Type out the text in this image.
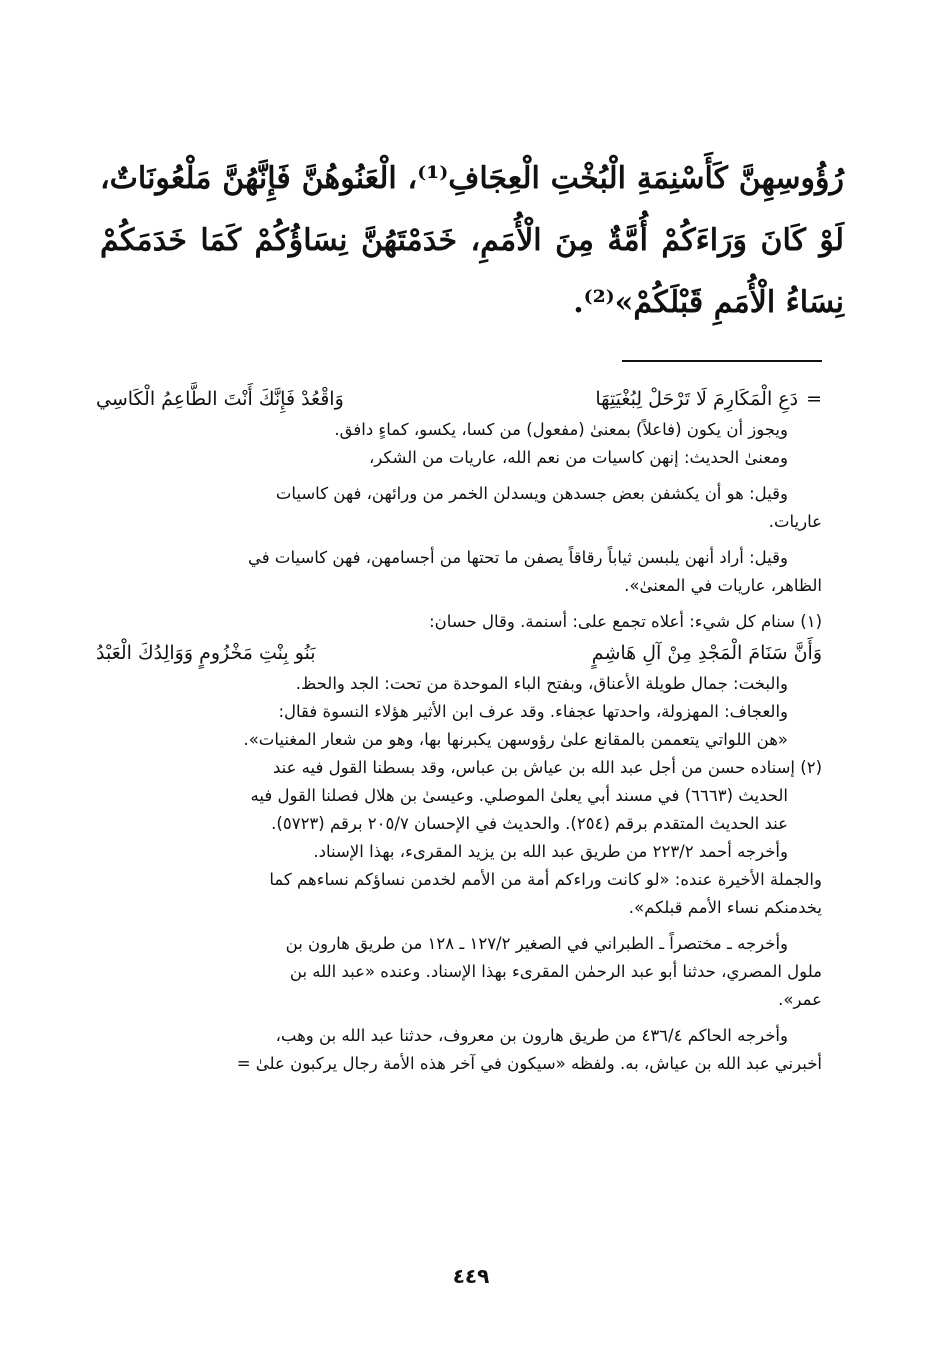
رُؤُوسِهِنَّ كَأَسْنِمَةِ الْبُخْتِ الْعِجَافِ⁽¹⁾، الْعَنُوهُنَّ فَإِنَّهُنَّ مَلْعُونَاتٌ، لَوْ كَانَ وَرَاءَكُمْ أُمَّةٌ مِنَ الْأُمَمِ، خَدَمْتَهُنَّ نِسَاؤُكُمْ كَمَا خَدَمَكُمْ نِسَاءُ الْأُمَمِ قَبْلَكُمْ»⁽²⁾.
=دَعِ الْمَكَارِمَ لَا تَرْحَلْ لِبُغْيَتِهَا
وَاقْعُدْ فَإِنَّكَ أَنْتَ الطَّاعِمُ الْكَاسِي

ويجوز أن يكون (فاعلاً) بمعنىٰ (مفعول) من كسا، يكسو، كماءٍ دافق.

ومعنىٰ الحديث: إنهن كاسيات من نعم الله، عاريات من الشكر،

وقيل: هو أن يكشفن بعض جسدهن ويسدلن الخمر من ورائهن، فهن كاسيات

عاريات.

وقيل: أراد أنهن يلبسن ثياباً رقاقاً يصفن ما تحتها من أجسامهن، فهن كاسيات في

الظاهر، عاريات في المعنىٰ».

(١) سنام كل شيء: أعلاه تجمع على: أسنمة. وقال حسان:

وَأَنَّ سَنَامَ الْمَجْدِ مِنْ آلِ هَاشِمٍ
بَنُو بِنْتِ مَخْزُومٍ وَوَالِدُكَ الْعَبْدُ

والبخت: جمال طويلة الأعناق، وبفتح الباء الموحدة من تحت: الجد والحظ.

والعجاف: المهزولة، واحدتها عجفاء. وقد عرف ابن الأثير هؤلاء النسوة فقال:

«هن اللواتي يتعممن بالمقانع علىٰ رؤوسهن يكبرنها بها، وهو من شعار المغنيات».

(٢) إسناده حسن من أجل عبد الله بن عياش بن عباس، وقد بسطنا القول فيه عند

الحديث (٦٦٦٣) في مسند أبي يعلىٰ الموصلي. وعيسىٰ بن هلال فصلنا القول فيه

عند الحديث المتقدم برقم (٢٥٤). والحديث في الإحسان ٢٠٥/٧ برقم (٥٧٢٣).

وأخرجه أحمد ٢٢٣/٢ من طريق عبد الله بن يزيد المقرىء، بهذا الإسناد.

والجملة الأخيرة عنده: «لو كانت وراءكم أمة من الأمم لخدمن نساؤكم نساءهم كما

يخدمنكم نساء الأمم قبلكم».

وأخرجه ـ مختصراً ـ الطبراني في الصغير ١٢٧/٢ ـ ١٢٨ من طريق هارون بن

ملول المصري، حدثنا أبو عبد الرحمٰن المقرىء بهذا الإسناد. وعنده «عبد الله بن

عمر».

وأخرجه الحاكم ٤٣٦/٤ من طريق هارون بن معروف، حدثنا عبد الله بن وهب،

أخبرني عبد الله بن عياش، به. ولفظه «سيكون في آخر هذه الأمة رجال يركبون علىٰ =

٤٤٩
